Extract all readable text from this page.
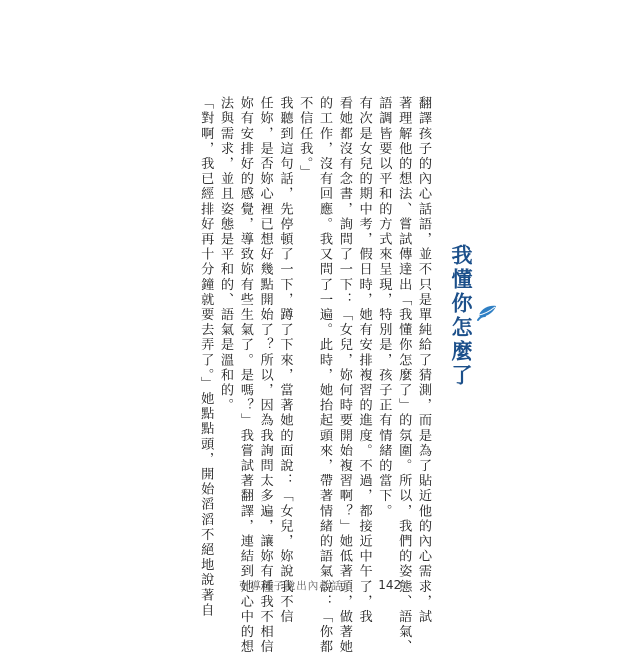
我懂你怎麼了
翻譯孩子的內心話語，並不只是單純給了猜測，而是為了貼近他的內心需求，試
著理解他的想法、嘗試傳達出「我懂你怎麼了」的氛圍。所以，我們的姿態、語氣、
語調皆要以平和的方式來呈現，特別是，孩子正有情緒的當下。
有次是女兒的期中考，假日時，她有安排複習的進度。不過，都接近中午了，我
看她都沒有念書，詢問了一下：「女兒，妳何時要開始複習啊？」她低著頭，做著她
的工作，沒有回應。我又問了一遍。此時，她抬起頭來，帶著情緒的語氣說：「你都
不信任我。」
我聽到這句話，先停頓了一下，蹲了下來，當著她的面說：「女兒，妳說我不信
任妳，是否妳心裡已想好幾點開始了？所以，因為我詢問太多遍，讓妳有種我不相信
妳有安排好的感覺，導致妳有些生氣了。是嗎？」我嘗試著翻譯，連結到她心中的想
法與需求，並且姿態是平和的、語氣是溫和的。
「對啊，我已經排好再十分鐘就要去弄了。」她點點頭，開始滔滔不絕地說著自 引導孩子說出內心話	142
